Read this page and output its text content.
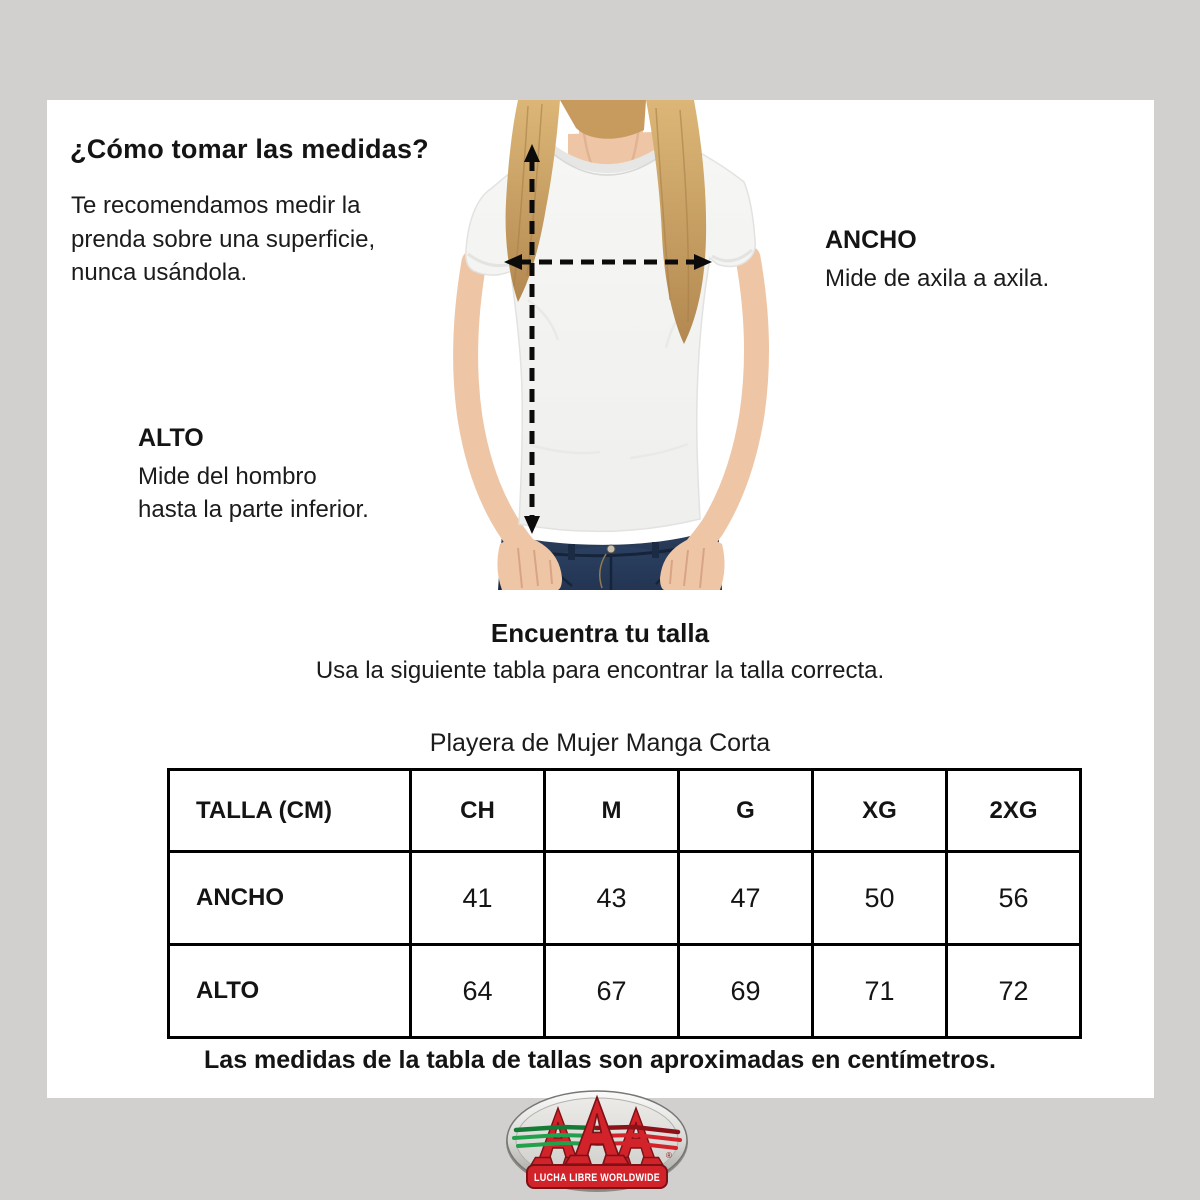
¿Cómo tomar las medidas?
Te recomendamos medir la
prenda sobre una superficie,
nunca usándola.
ANCHO
Mide de axila a axila.
ALTO
Mide del hombro
hasta la parte inferior.
Encuentra tu talla
Usa la siguiente tabla para encontrar la talla correcta.
Playera de Mujer Manga Corta
TALLA (CM)	CH	M	G	XG	2XG
ANCHO	41	43	47	50	56
ALTO	64	67	69	71	72
Las medidas de la tabla de tallas son aproximadas en centímetros.
®
LUCHA LIBRE WORLDWIDE
